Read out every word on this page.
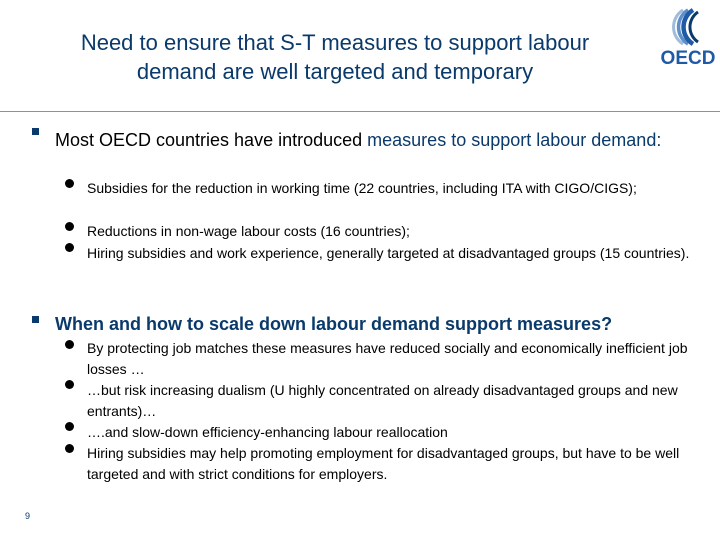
Need to ensure that S-T measures to support labour
demand are well targeted and temporary
OECD
Most OECD countries have introduced measures to support labour demand:
Subsidies for the reduction in working time (22 countries, including ITA with CIGO/CIGS);
Reductions in non-wage labour costs (16 countries);
Hiring subsidies and work experience, generally targeted at disadvantaged groups (15 countries).
When and how to scale down labour demand support measures?
By protecting job matches these measures have reduced socially and economically inefficient job losses …
…but risk increasing dualism (U highly concentrated on already disadvantaged groups and new entrants)…
….and slow-down efficiency-enhancing labour reallocation
Hiring subsidies may help promoting employment for disadvantaged groups, but have to be well targeted and with strict conditions for employers.
9
